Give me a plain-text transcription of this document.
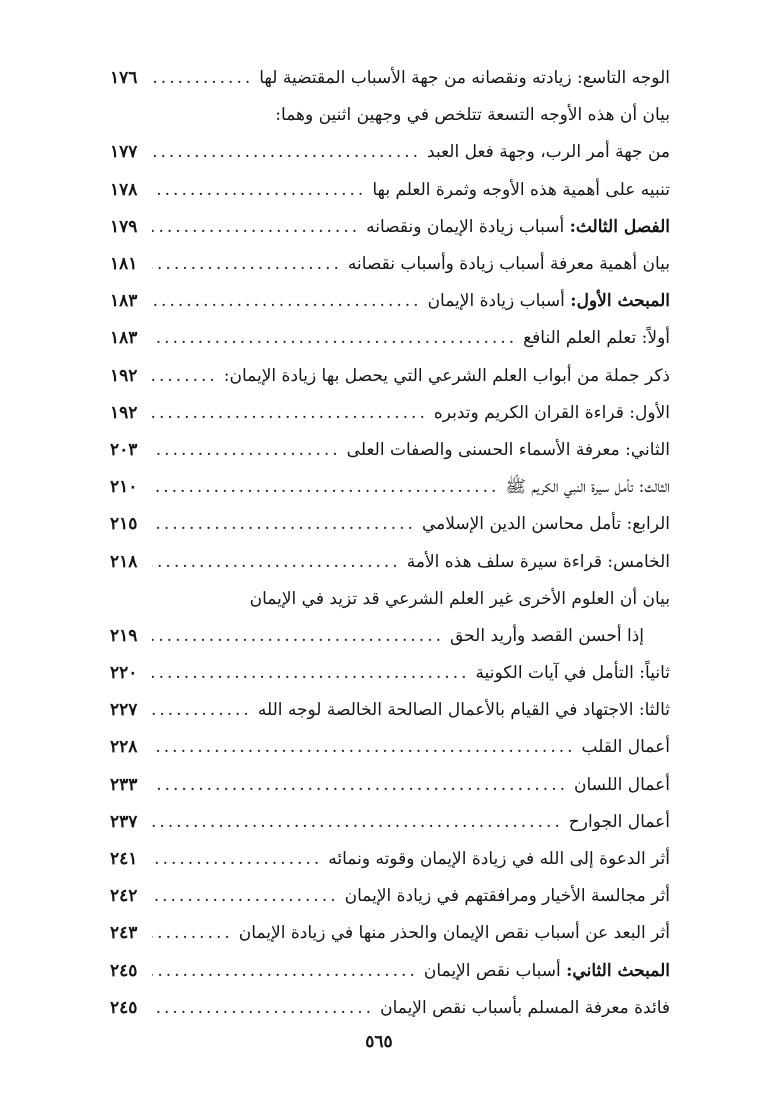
الوجه التاسع: زيادته ونقصانه من جهة الأسباب المقتضية لها
.....
١٧٦
بيان أن هذه الأوجه التسعة تتلخص في وجهين اثنين وهما:
من جهة أمر الرب، وجهة فعل العبد
.....
١٧٧
تنبيه على أهمية هذه الأوجه وثمرة العلم بها
.....
١٧٨
الفصل الثالث: أسباب زيادة الإيمان ونقصانه
.....
١٧٩
بيان أهمية معرفة أسباب زيادة وأسباب نقصانه
.....
١٨١
المبحث الأول: أسباب زيادة الإيمان
.....
١٨٣
أولاً: تعلم العلم النافع
.....
١٨٣
ذكر جملة من أبواب العلم الشرعي التي يحصل بها زيادة الإيمان:
.....
١٩٢
الأول: قراءة القران الكريم وتدبره
.....
١٩٢
الثاني: معرفة الأسماء الحسنى والصفات العلى
.....
٢٠٣
الثالث: تأمل سيرة النبي الكريم ﷺ
.....
٢١٠
الرابع: تأمل محاسن الدين الإسلامي
.....
٢١٥
الخامس: قراءة سيرة سلف هذه الأمة
.....
٢١٨
بيان أن العلوم الأخرى غير العلم الشرعي قد تزيد في الإيمان
إذا أحسن القصد وأريد الحق
.....
٢١٩
ثانياً: التأمل في آيات الكونية
.....
٢٢٠
ثالثا: الاجتهاد في القيام بالأعمال الصالحة الخالصة لوجه الله
.....
٢٢٧
أعمال القلب
.....
٢٢٨
أعمال اللسان
.....
٢٣٣
أعمال الجوارح
.....
٢٣٧
أثر الدعوة إلى الله في زيادة الإيمان وقوته ونمائه
.....
٢٤١
أثر مجالسة الأخيار ومرافقتهم في زيادة الإيمان
.....
٢٤٢
أثر البعد عن أسباب نقص الإيمان والحذر منها في زيادة الإيمان
.....
٢٤٣
المبحث الثاني: أسباب نقص الإيمان
.....
٢٤٥
فائدة معرفة المسلم بأسباب نقص الإيمان
.....
٢٤٥
٥٦٥
